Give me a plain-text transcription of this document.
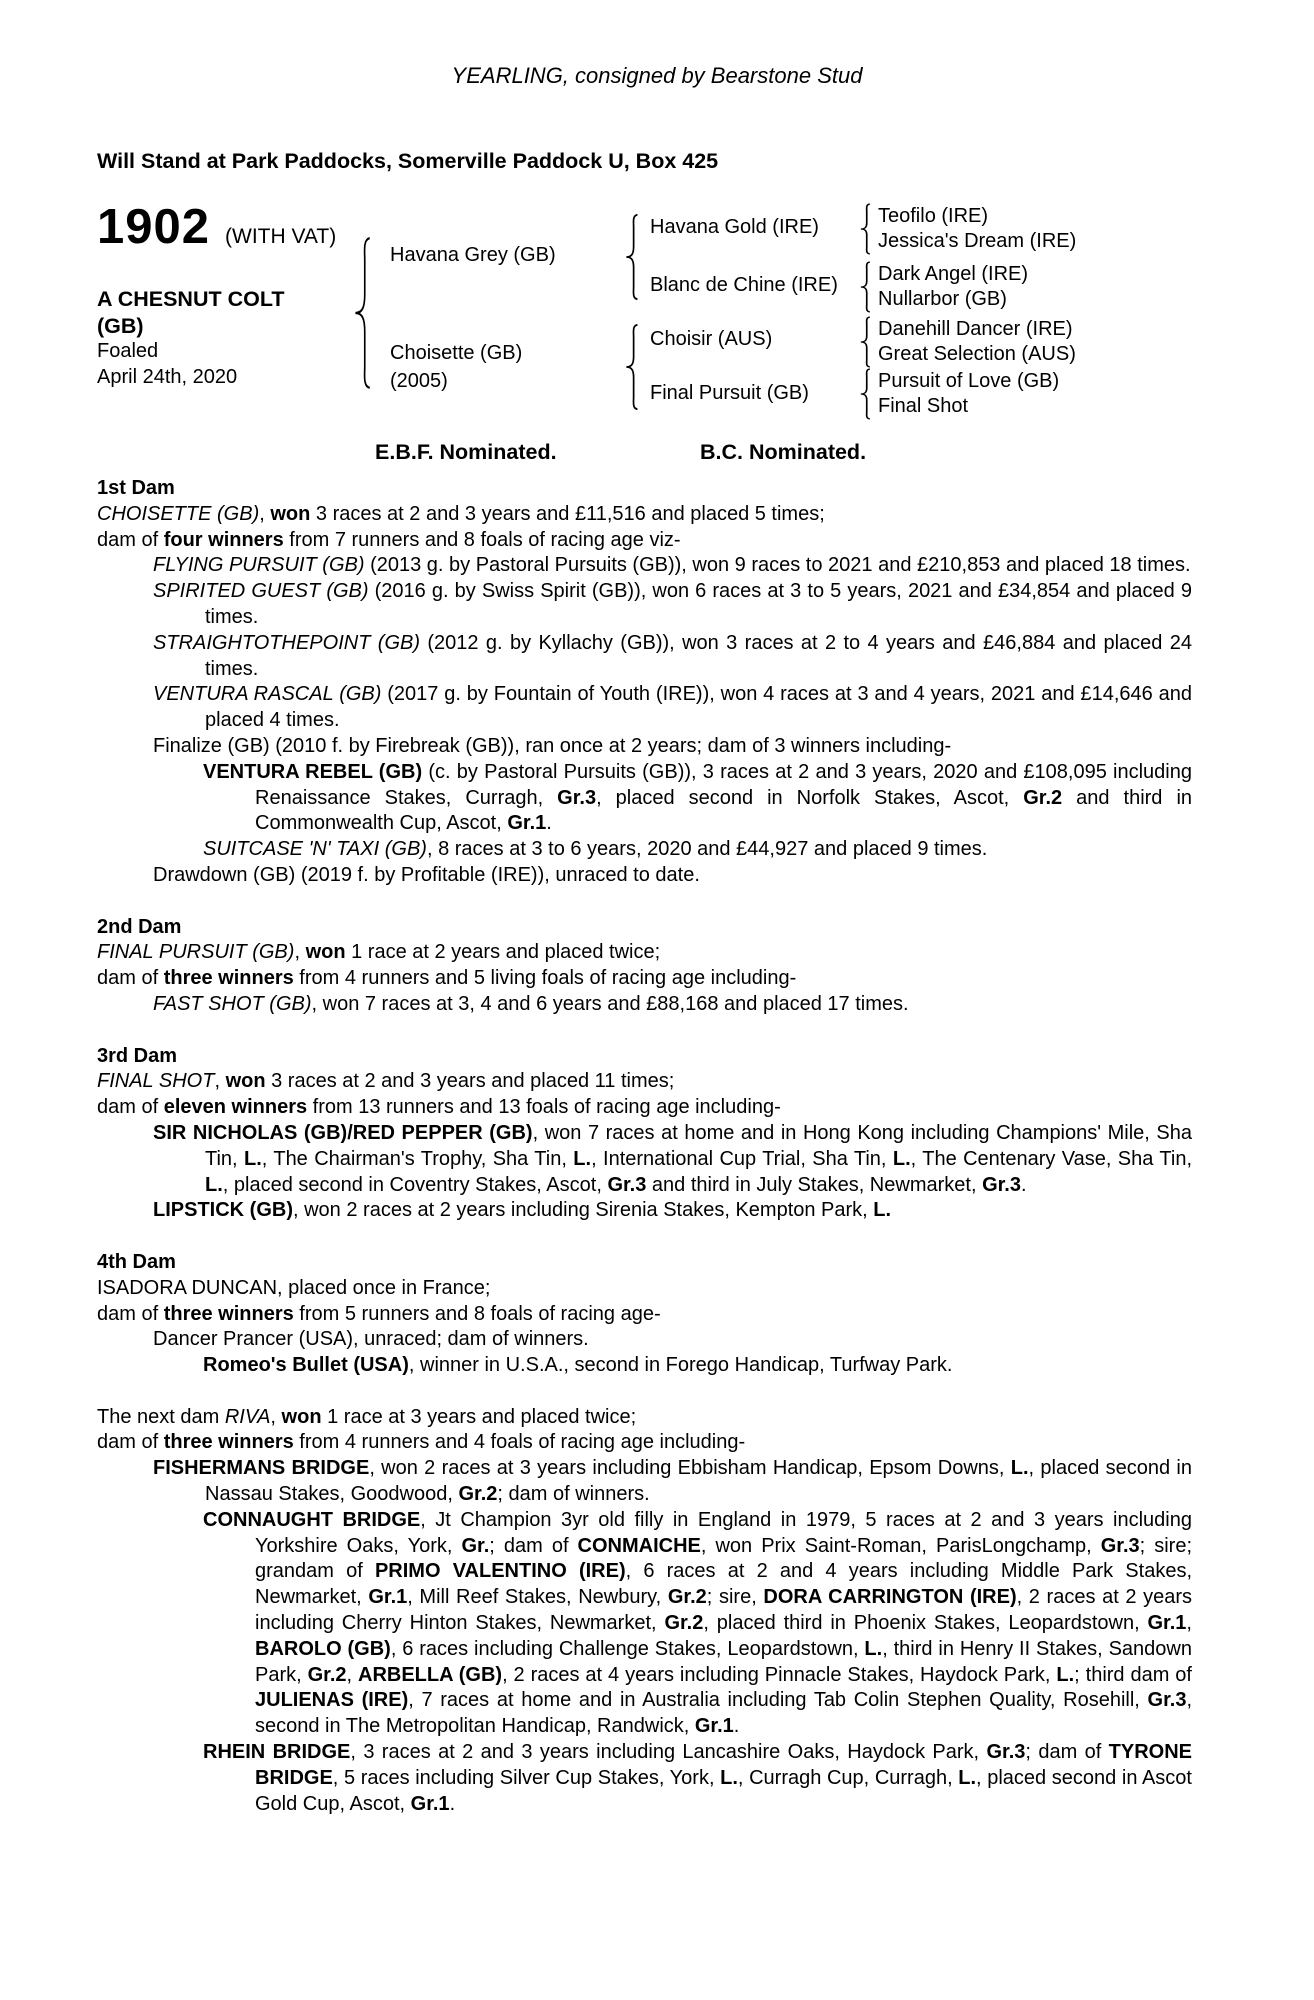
YEARLING, consigned by Bearstone Stud
Will Stand at Park Paddocks, Somerville Paddock U, Box 425
1902 (WITH VAT)
A CHESNUT COLT
(GB)
Foaled
April 24th, 2020
Havana Grey (GB)
Choisette (GB)
(2005)
Havana Gold (IRE)
Blanc de Chine (IRE)
Choisir (AUS)
Final Pursuit (GB)
Teofilo (IRE)
Jessica's Dream (IRE)
Dark Angel (IRE)
Nullarbor (GB)
Danehill Dancer (IRE)
Great Selection (AUS)
Pursuit of Love (GB)
Final Shot
E.B.F. Nominated.	B.C. Nominated.
1st Dam
CHOISETTE (GB), won 3 races at 2 and 3 years and £11,516 and placed 5 times;
dam of four winners from 7 runners and 8 foals of racing age viz-
FLYING PURSUIT (GB) (2013 g. by Pastoral Pursuits (GB)), won 9 races to 2021 and £210,853 and placed 18 times.
SPIRITED GUEST (GB) (2016 g. by Swiss Spirit (GB)), won 6 races at 3 to 5 years, 2021 and £34,854 and placed 9 times.
STRAIGHTOTHEPOINT (GB) (2012 g. by Kyllachy (GB)), won 3 races at 2 to 4 years and £46,884 and placed 24 times.
VENTURA RASCAL (GB) (2017 g. by Fountain of Youth (IRE)), won 4 races at 3 and 4 years, 2021 and £14,646 and placed 4 times.
Finalize (GB) (2010 f. by Firebreak (GB)), ran once at 2 years; dam of 3 winners including-
VENTURA REBEL (GB) (c. by Pastoral Pursuits (GB)), 3 races at 2 and 3 years, 2020 and £108,095 including Renaissance Stakes, Curragh, Gr.3, placed second in Norfolk Stakes, Ascot, Gr.2 and third in Commonwealth Cup, Ascot, Gr.1.
SUITCASE 'N' TAXI (GB), 8 races at 3 to 6 years, 2020 and £44,927 and placed 9 times.
Drawdown (GB) (2019 f. by Profitable (IRE)), unraced to date.
2nd Dam
FINAL PURSUIT (GB), won 1 race at 2 years and placed twice;
dam of three winners from 4 runners and 5 living foals of racing age including-
FAST SHOT (GB), won 7 races at 3, 4 and 6 years and £88,168 and placed 17 times.
3rd Dam
FINAL SHOT, won 3 races at 2 and 3 years and placed 11 times;
dam of eleven winners from 13 runners and 13 foals of racing age including-
SIR NICHOLAS (GB)/RED PEPPER (GB), won 7 races at home and in Hong Kong including Champions' Mile, Sha Tin, L., The Chairman's Trophy, Sha Tin, L., International Cup Trial, Sha Tin, L., The Centenary Vase, Sha Tin, L., placed second in Coventry Stakes, Ascot, Gr.3 and third in July Stakes, Newmarket, Gr.3.
LIPSTICK (GB), won 2 races at 2 years including Sirenia Stakes, Kempton Park, L.
4th Dam
ISADORA DUNCAN, placed once in France;
dam of three winners from 5 runners and 8 foals of racing age-
Dancer Prancer (USA), unraced; dam of winners.
Romeo's Bullet (USA), winner in U.S.A., second in Forego Handicap, Turfway Park.
The next dam RIVA, won 1 race at 3 years and placed twice;
dam of three winners from 4 runners and 4 foals of racing age including-
FISHERMANS BRIDGE, won 2 races at 3 years including Ebbisham Handicap, Epsom Downs, L., placed second in Nassau Stakes, Goodwood, Gr.2; dam of winners.
CONNAUGHT BRIDGE, Jt Champion 3yr old filly in England in 1979, 5 races at 2 and 3 years including Yorkshire Oaks, York, Gr.; dam of CONMAICHE, won Prix Saint-Roman, ParisLongchamp, Gr.3; sire; grandam of PRIMO VALENTINO (IRE), 6 races at 2 and 4 years including Middle Park Stakes, Newmarket, Gr.1, Mill Reef Stakes, Newbury, Gr.2; sire, DORA CARRINGTON (IRE), 2 races at 2 years including Cherry Hinton Stakes, Newmarket, Gr.2, placed third in Phoenix Stakes, Leopardstown, Gr.1, BAROLO (GB), 6 races including Challenge Stakes, Leopardstown, L., third in Henry II Stakes, Sandown Park, Gr.2, ARBELLA (GB), 2 races at 4 years including Pinnacle Stakes, Haydock Park, L.; third dam of JULIENAS (IRE), 7 races at home and in Australia including Tab Colin Stephen Quality, Rosehill, Gr.3, second in The Metropolitan Handicap, Randwick, Gr.1.
RHEIN BRIDGE, 3 races at 2 and 3 years including Lancashire Oaks, Haydock Park, Gr.3; dam of TYRONE BRIDGE, 5 races including Silver Cup Stakes, York, L., Curragh Cup, Curragh, L., placed second in Ascot Gold Cup, Ascot, Gr.1.
